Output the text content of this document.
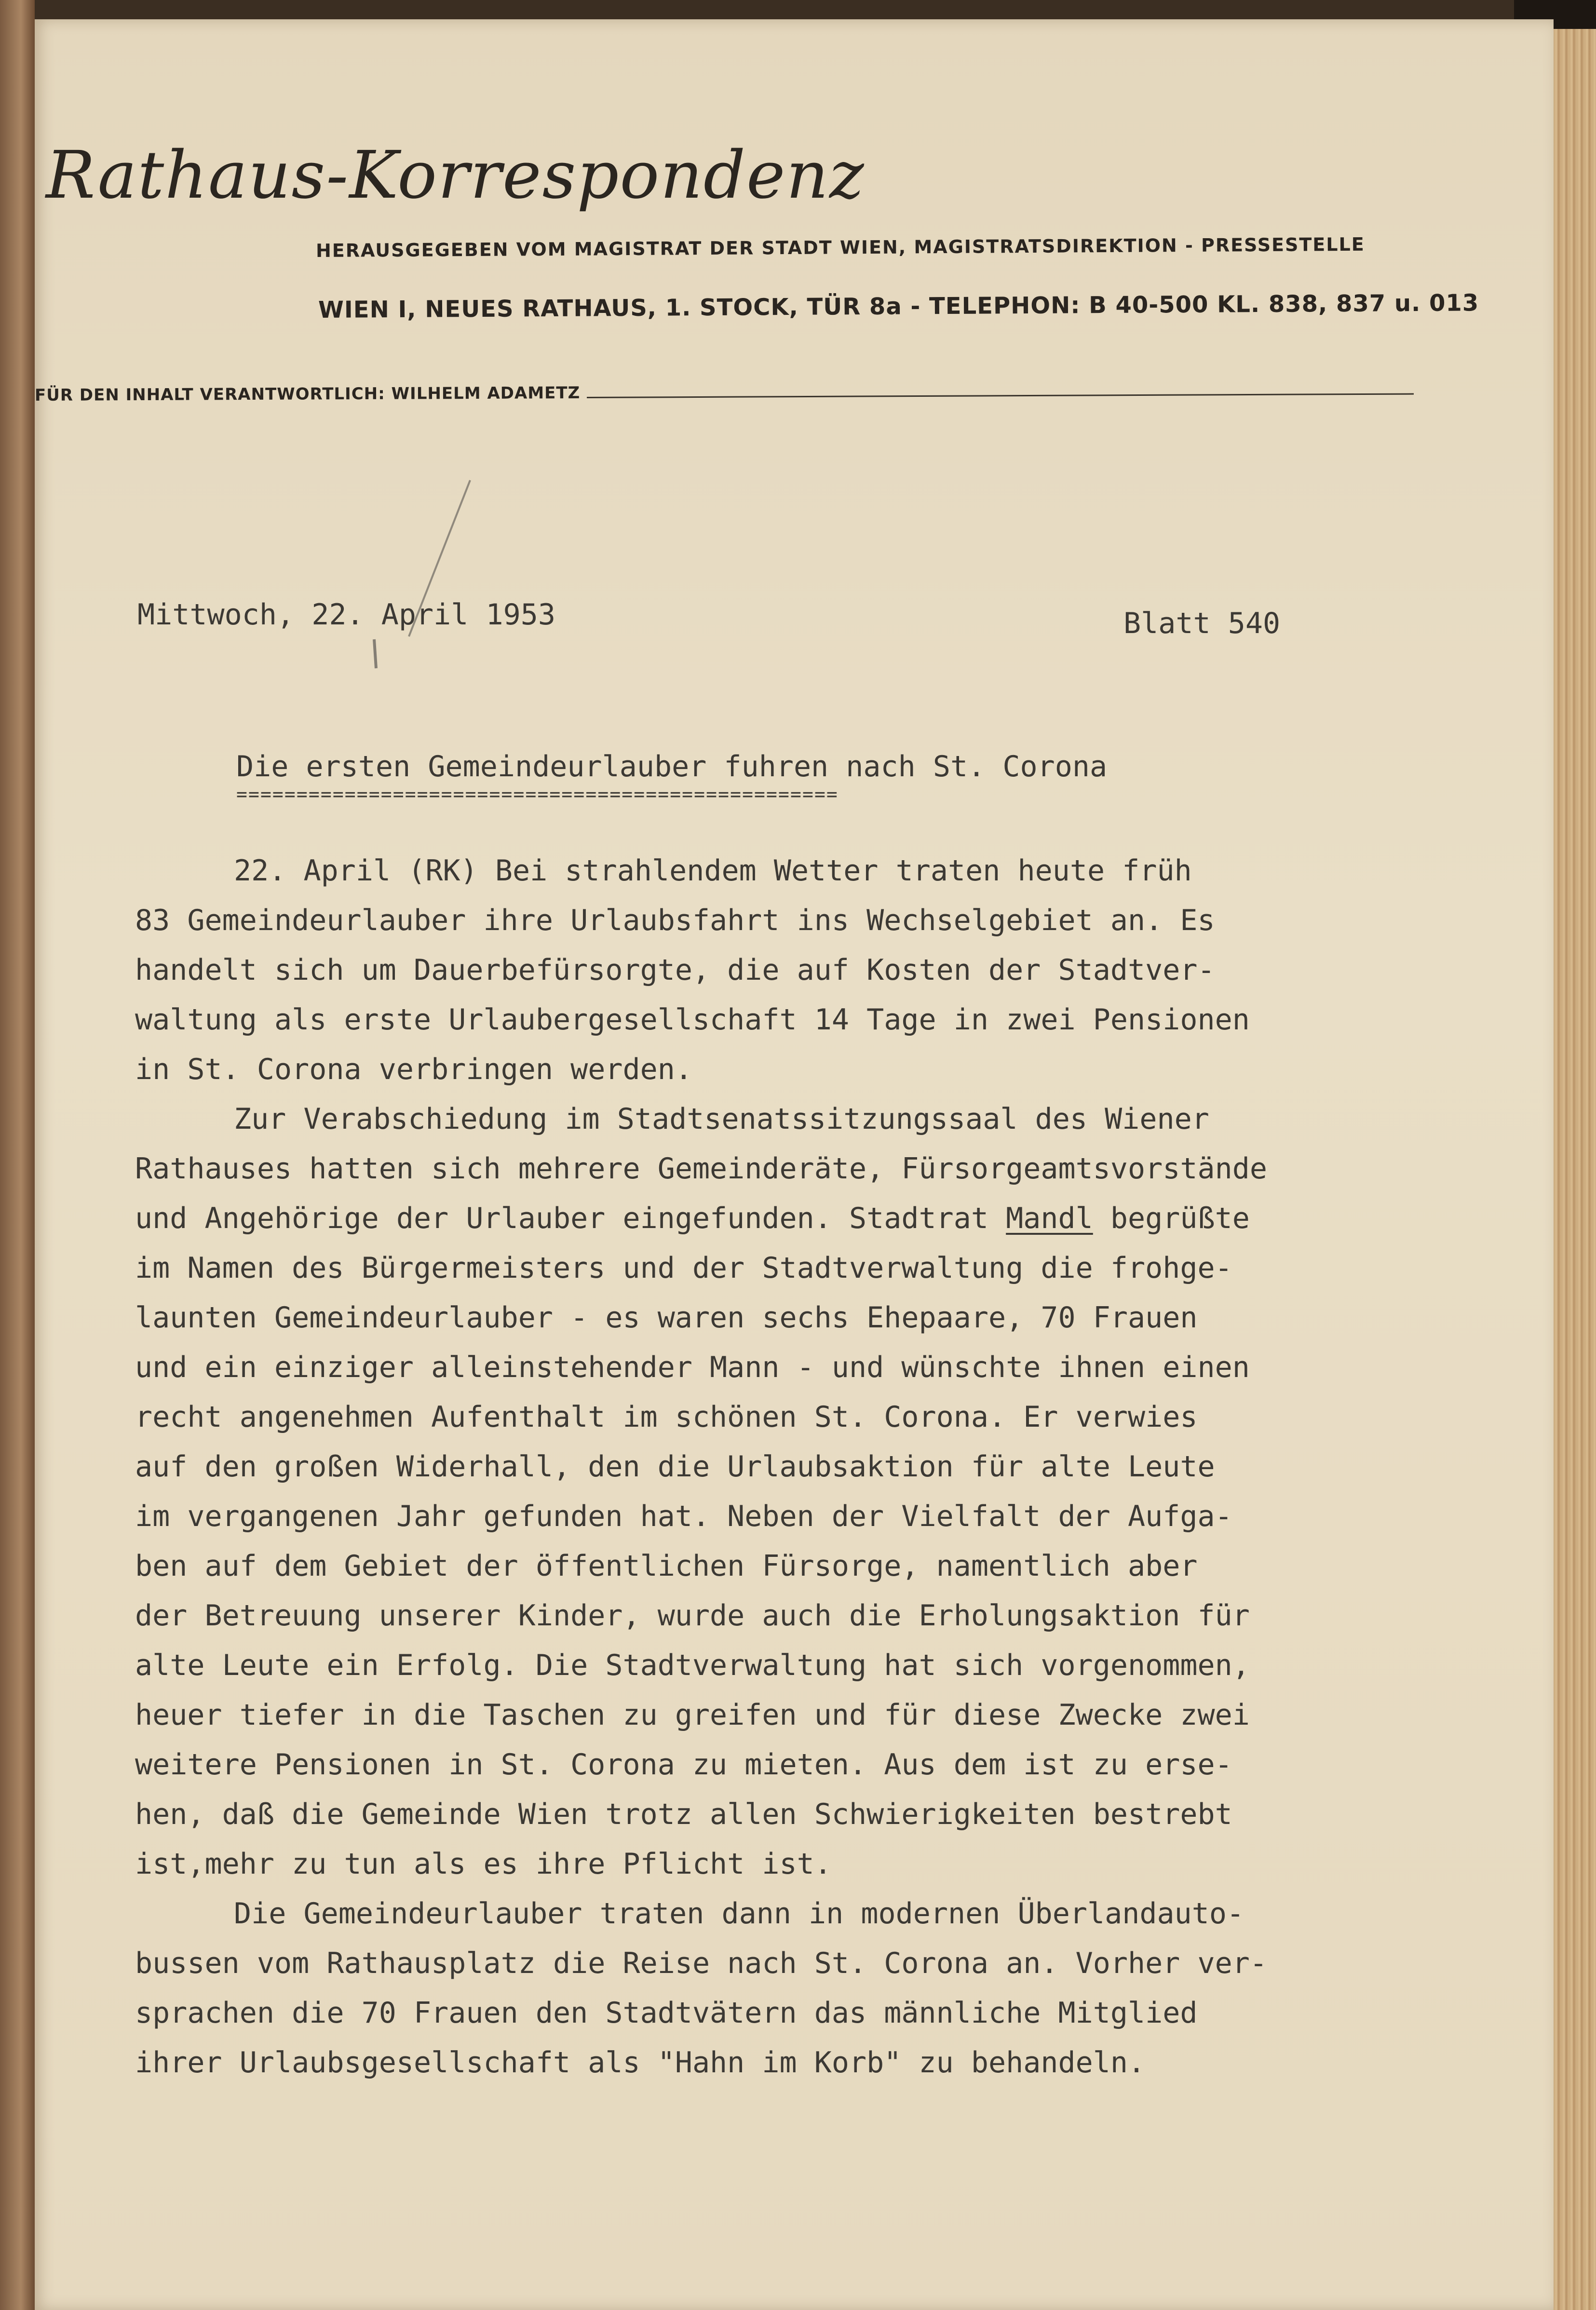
Rathaus-Korrespondenz
HERAUSGEGEBEN VOM MAGISTRAT DER STADT WIEN, MAGISTRATSDIREKTION - PRESSESTELLE
WIEN I, NEUES RATHAUS, 1. STOCK, TÜR 8a - TELEPHON: B 40-500 KL. 838, 837 u. 013
FÜR DEN INHALT VERANTWORTLICH: WILHELM ADAMETZ
Mittwoch, 22. April 1953	Blatt 540
Die ersten Gemeindeurlauber fuhren nach St. Corona
==================================================
22. April (RK) Bei strahlendem Wetter traten heute früh
83 Gemeindeurlauber ihre Urlaubsfahrt ins Wechselgebiet an. Es
handelt sich um Dauerbefürsorgte, die auf Kosten der Stadtver-
waltung als erste Urlaubergesellschaft 14 Tage in zwei Pensionen
in St. Corona verbringen werden.
Zur Verabschiedung im Stadtsenatssitzungssaal des Wiener
Rathauses hatten sich mehrere Gemeinderäte, Fürsorgeamtsvorstände
und Angehörige der Urlauber eingefunden. Stadtrat Mandl begrüßte
im Namen des Bürgermeisters und der Stadtverwaltung die frohge-
launten Gemeindeurlauber - es waren sechs Ehepaare, 70 Frauen
und ein einziger alleinstehender Mann - und wünschte ihnen einen
recht angenehmen Aufenthalt im schönen St. Corona. Er verwies
auf den großen Widerhall, den die Urlaubsaktion für alte Leute
im vergangenen Jahr gefunden hat. Neben der Vielfalt der Aufga-
ben auf dem Gebiet der öffentlichen Fürsorge, namentlich aber
der Betreuung unserer Kinder, wurde auch die Erholungsaktion für
alte Leute ein Erfolg. Die Stadtverwaltung hat sich vorgenommen,
heuer tiefer in die Taschen zu greifen und für diese Zwecke zwei
weitere Pensionen in St. Corona zu mieten. Aus dem ist zu erse-
hen, daß die Gemeinde Wien trotz allen Schwierigkeiten bestrebt
ist,mehr zu tun als es ihre Pflicht ist.
Die Gemeindeurlauber traten dann in modernen Überlandauto-
bussen vom Rathausplatz die Reise nach St. Corona an. Vorher ver-
sprachen die 70 Frauen den Stadtvätern das männliche Mitglied
ihrer Urlaubsgesellschaft als "Hahn im Korb" zu behandeln.
